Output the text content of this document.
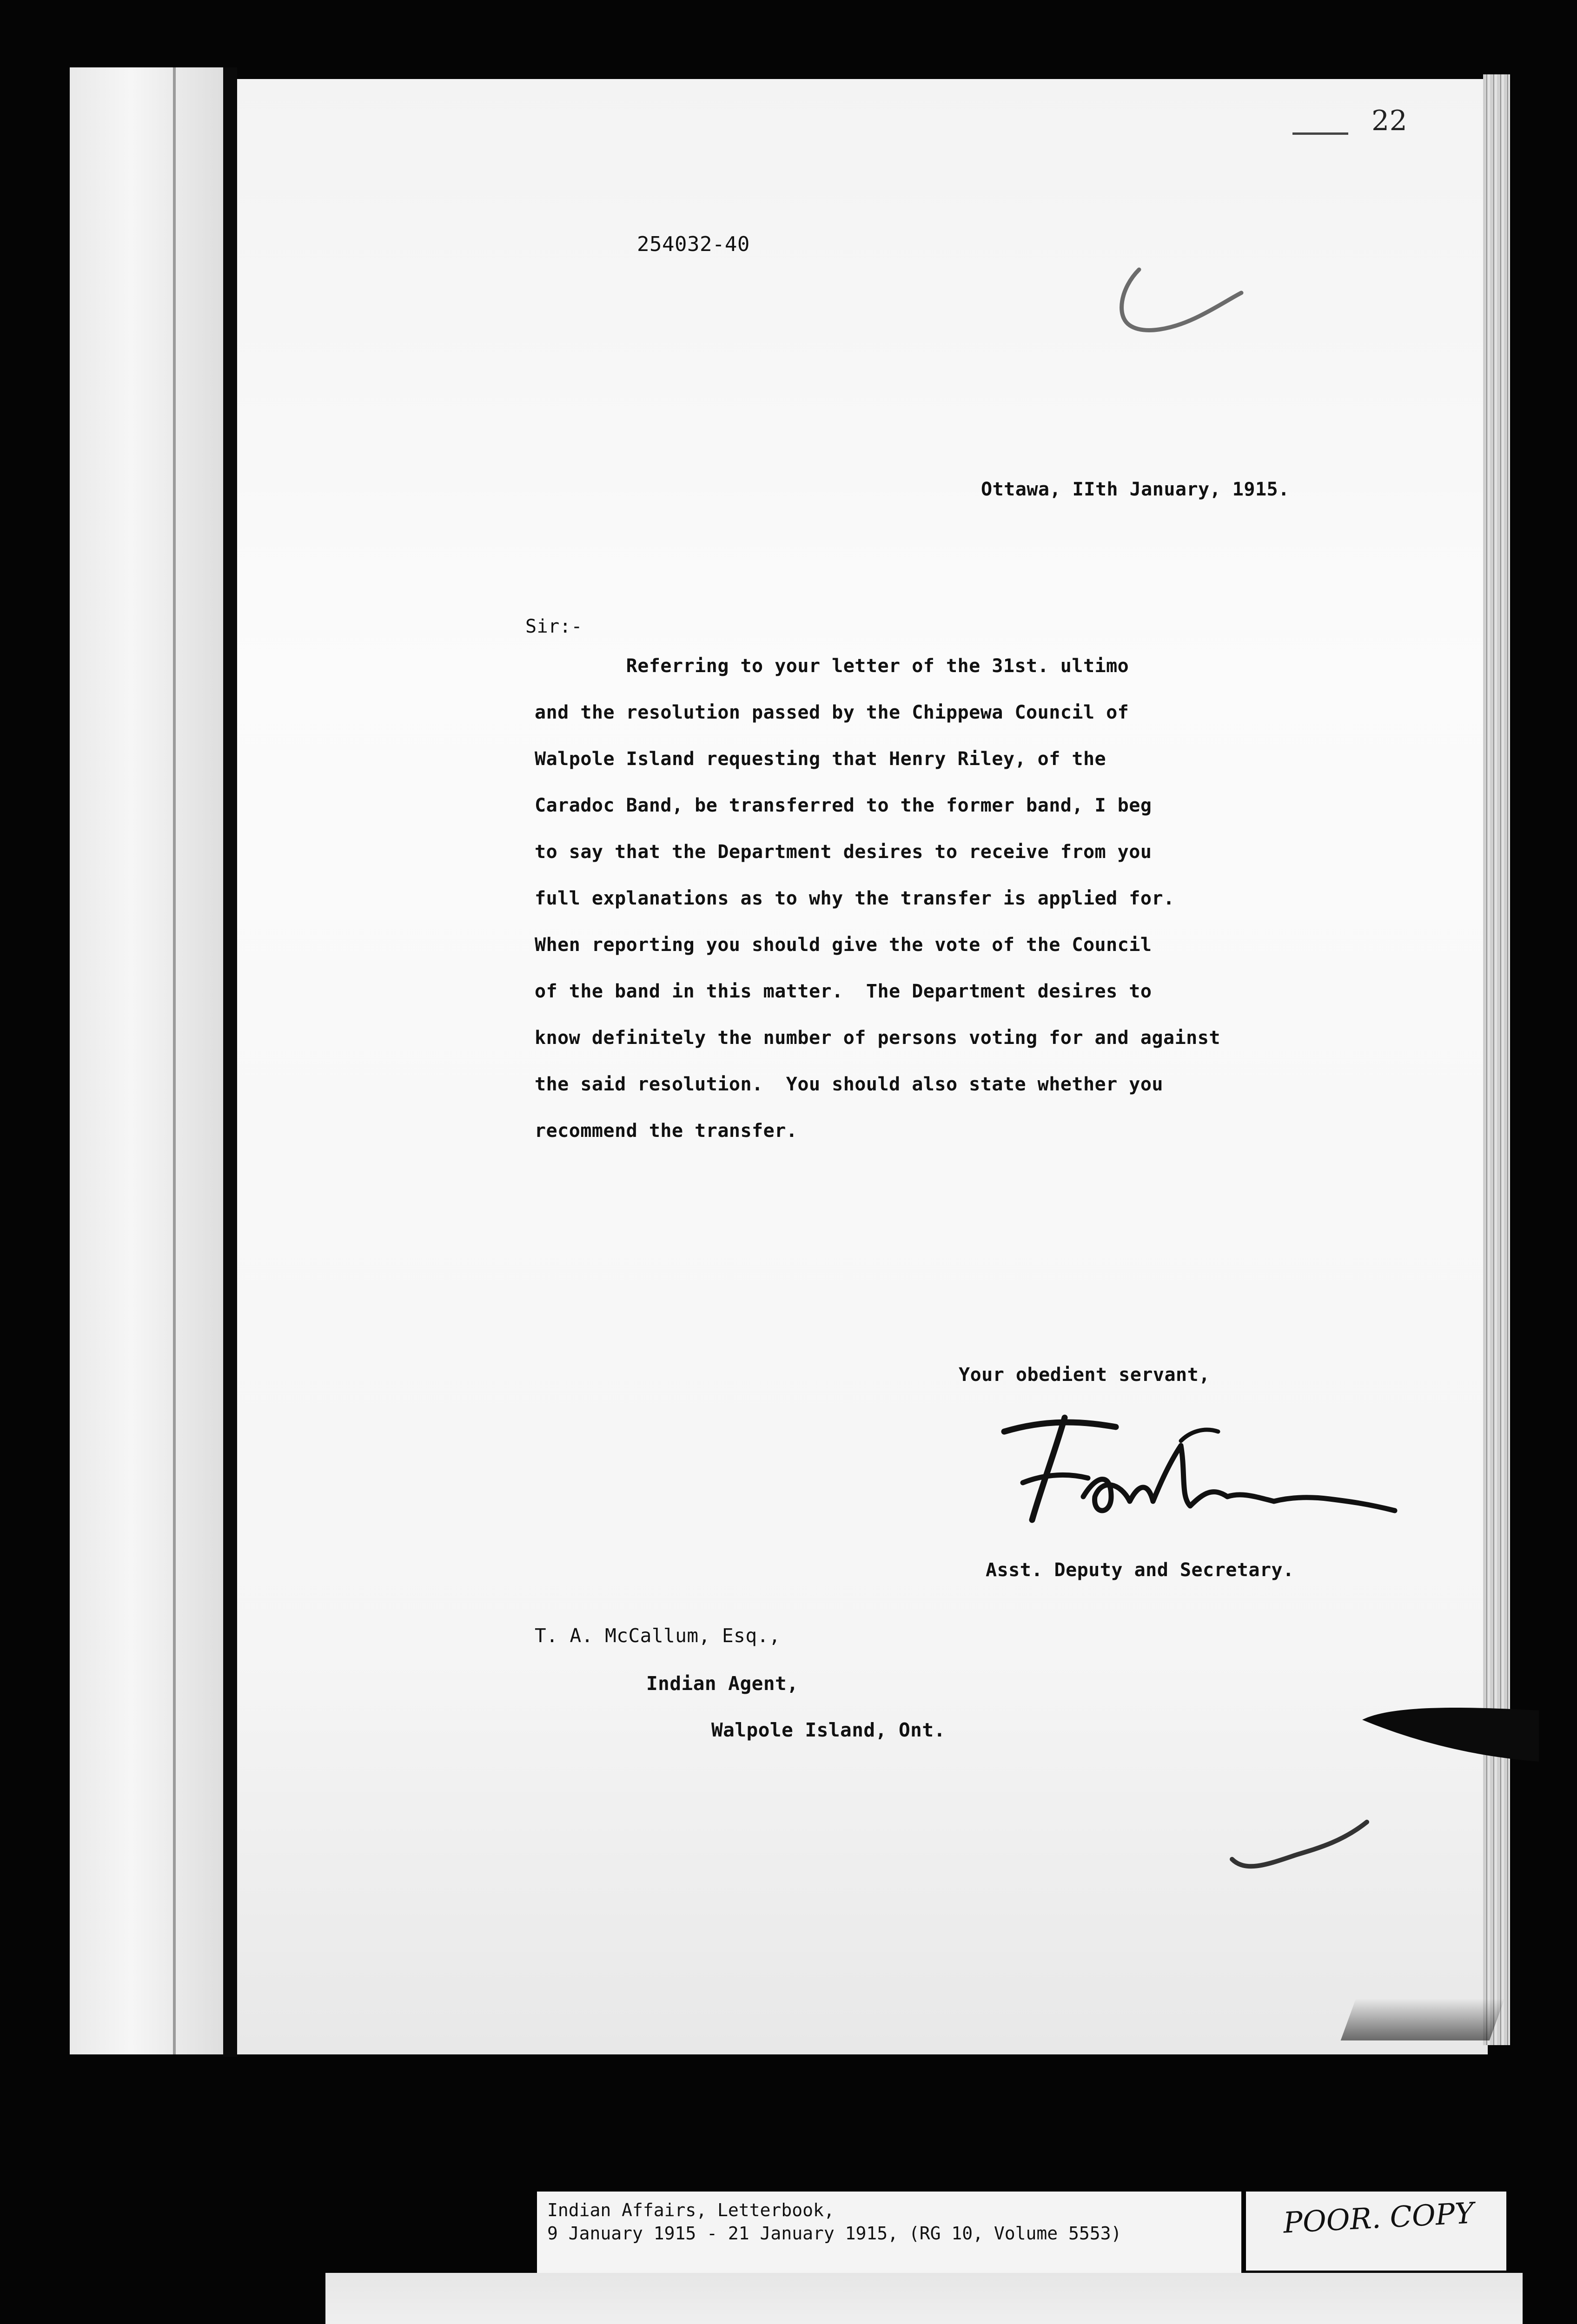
22
254032-40
Ottawa, IIth January, 1915.
Sir:-
Referring to your letter of the 31st. ultimo
and the resolution passed by the Chippewa Council of
Walpole Island requesting that Henry Riley, of the
Caradoc Band, be transferred to the former band, I beg
to say that the Department desires to receive from you
full explanations as to why the transfer is applied for.
When reporting you should give the vote of the Council
of the band in this matter.  The Department desires to
know definitely the number of persons voting for and against
the said resolution.  You should also state whether you
recommend the transfer.
Your obedient servant,
Asst. Deputy and Secretary.
T. A. McCallum, Esq.,
Indian Agent,
Walpole Island, Ont.
Indian Affairs, Letterbook,
9 January 1915 - 21 January 1915, (RG 10, Volume 5553)	POOR. COPY
